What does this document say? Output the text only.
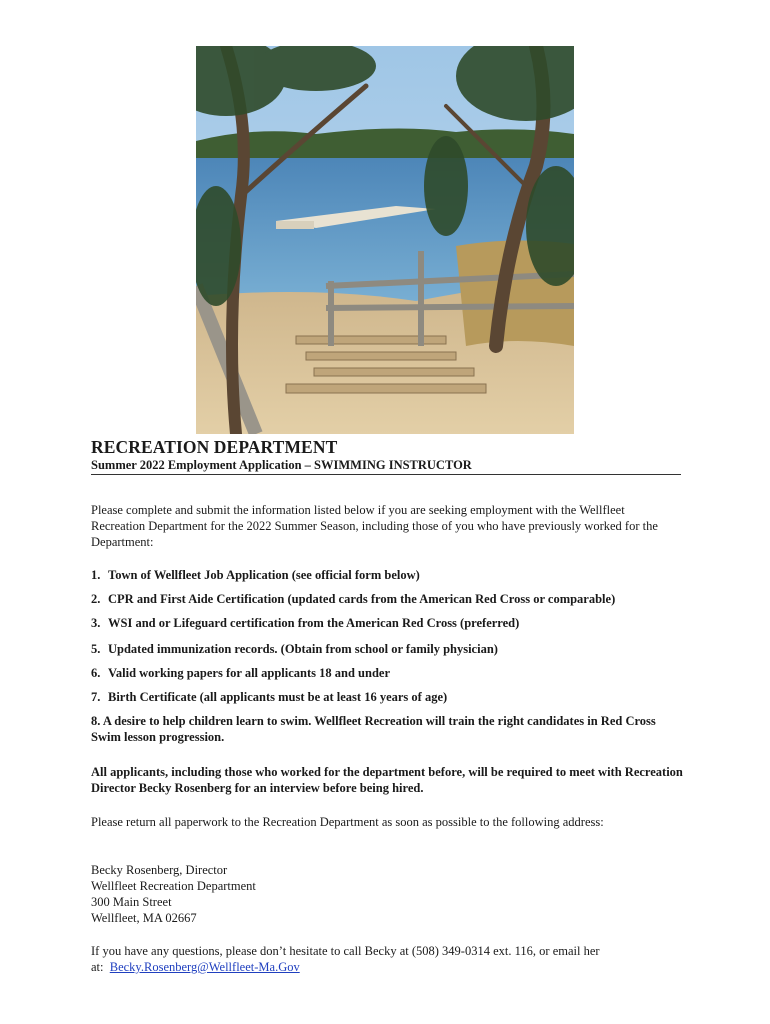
RECREATION DEPARTMENT
Summer 2022 Employment Application – SWIMMING INSTRUCTOR
Please complete and submit the information listed below if you are seeking employment with the Wellfleet Recreation Department for the 2022 Summer Season, including those of you who have previously worked for the Department:
1. Town of Wellfleet Job Application (see official form below)
2. CPR and First Aide Certification (updated cards from the American Red Cross or comparable)
3. WSI and or Lifeguard certification from the American Red Cross (preferred)
5. Updated immunization records. (Obtain from school or family physician)
6. Valid working papers for all applicants 18 and under
7. Birth Certificate (all applicants must be at least 16 years of age)
8. A desire to help children learn to swim. Wellfleet Recreation will train the right candidates in Red Cross Swim lesson progression.
All applicants, including those who worked for the department before, will be required to meet with Recreation Director Becky Rosenberg for an interview before being hired.
Please return all paperwork to the Recreation Department as soon as possible to the following address:
Becky Rosenberg, Director
Wellfleet Recreation Department
300 Main Street
Wellfleet, MA 02667
If you have any questions, please don’t hesitate to call Becky at (508) 349-0314 ext. 116, or email her at: Becky.Rosenberg@Wellfleet-Ma.Gov
